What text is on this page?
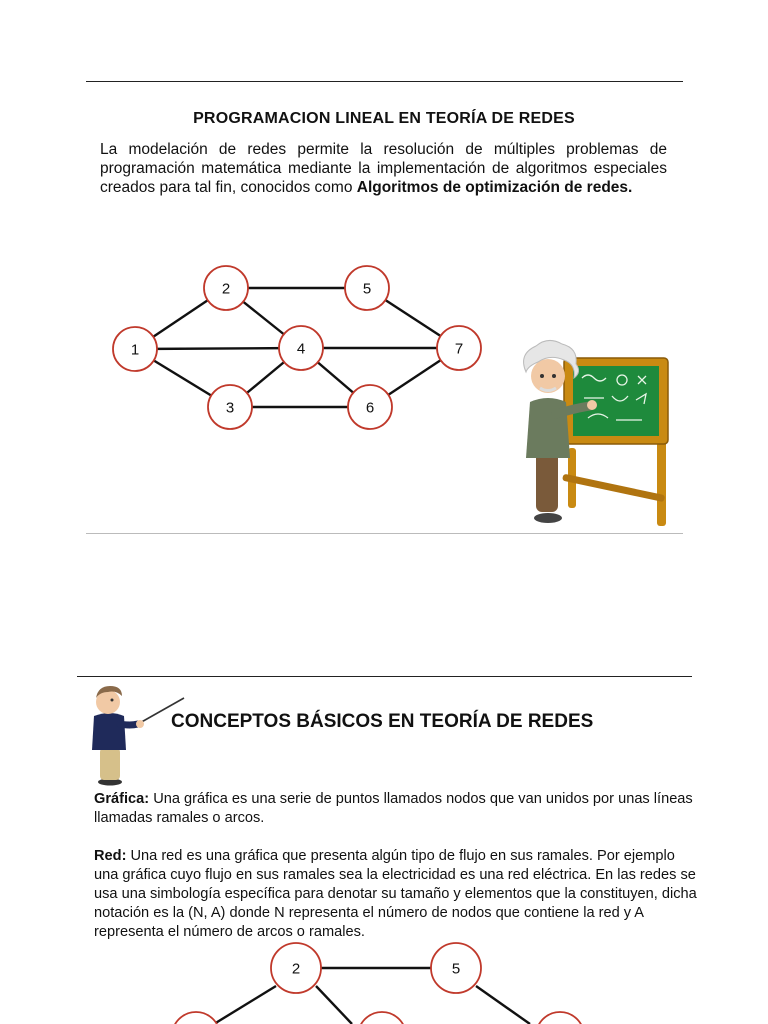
PROGRAMACION LINEAL EN TEORÍA DE REDES
La modelación de redes permite la resolución de múltiples problemas de programación matemática mediante la implementación de algoritmos especiales creados para tal fin, conocidos como Algoritmos de optimización de redes.
1
2
3
4
5
6
7
CONCEPTOS BÁSICOS EN TEORÍA DE REDES
Gráfica: Una gráfica es una serie de puntos llamados nodos que van unidos por unas líneas llamadas ramales o arcos.
Red: Una red es una gráfica que presenta algún tipo de flujo en sus ramales. Por ejemplo una gráfica cuyo flujo en sus ramales sea la electricidad es una red eléctrica. En las redes se usa una simbología específica para denotar su tamaño y elementos que la constituyen, dicha notación es la (N, A) donde N representa el número de nodos que contiene la red y A representa el número de arcos o ramales.
2	5
